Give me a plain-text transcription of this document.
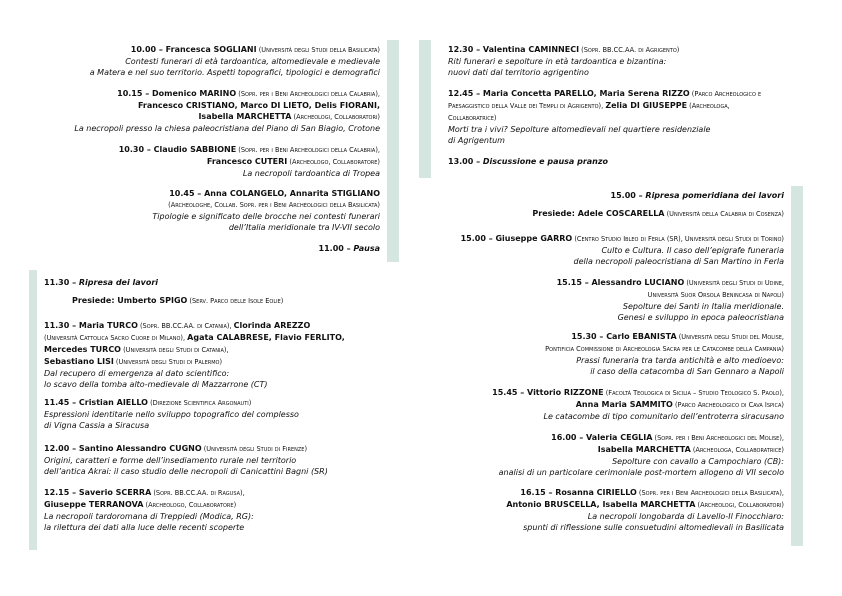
10.00 – Francesca SOGLIANI (Università degli Studi della Basilicata)
Contesti funerari di età tardoantica, altomedievale e medievale
a Matera e nel suo territorio. Aspetti topografici, tipologici e demografici
10.15 – Domenico MARINO (Sopr. per i Beni Archeologici della Calabria),
Francesco CRISTIANO, Marco DI LIETO, Delis FIORANI,
Isabella MARCHETTA (Archeologi, Collaboratori)
La necropoli presso la chiesa paleocristiana del Piano di San Biagio, Crotone
10.30 – Claudio SABBIONE (Sopr. per i Beni Archeologici della Calabria),
Francesco CUTERI (Archeologo, Collaboratore)
La necropoli tardoantica di Tropea
10.45 – Anna COLANGELO, Annarita STIGLIANO
(Archeologhe, Collab. Sopr. per i Beni Archeologici della Basilicata)
Tipologie e significato delle brocche nei contesti funerari
dell’Italia meridionale tra IV-VII secolo
11.00 – Pausa
11.30 – Ripresa dei lavori
Presiede: Umberto SPIGO (Serv. Parco delle Isole Eolie)
11.30 – Maria TURCO (Sopr. BB.CC.AA. di Catania), Clorinda AREZZO
(Università Cattolica Sacro Cuore di Milano), Agata CALABRESE, Flavio FERLITO,
Mercedes TURCO (Università degli Studi di Catania),
Sebastiano LISI (Università degli Studi di Palermo)
Dal recupero di emergenza al dato scientifico:
lo scavo della tomba alto-medievale di Mazzarrone (CT)
11.45 – Cristian AIELLO (Direzione Scientifica Argonauti)
Espressioni identitarie nello sviluppo topografico del complesso
di Vigna Cassia a Siracusa
12.00 – Santino Alessandro CUGNO (Università degli Studi di Firenze)
Origini, caratteri e forme dell’insediamento rurale nel territorio
dell’antica Akrai: il caso studio delle necropoli di Canicattini Bagni (SR)
12.15 – Saverio SCERRA (Sopr. BB.CC.AA. di Ragusa),
Giuseppe TERRANOVA (Archeologo, Collaboratore)
La necropoli tardoromana di Treppiedi (Modica, RG):
la rilettura dei dati alla luce delle recenti scoperte
12.30 – Valentina CAMINNECI (Sopr. BB.CC.AA. di Agrigento)
Riti funerari e sepolture in età tardoantica e bizantina:
nuovi dati dal territorio agrigentino
12.45 – Maria Concetta PARELLO, Maria Serena RIZZO (Parco Archeologico e
Paesaggistico della Valle dei Templi di Agrigento), Zelia DI GIUSEPPE (Archeologa,
Collaboratrice)
Morti tra i vivi? Sepolture altomedievali nel quartiere residenziale
di Agrigentum
13.00 – Discussione e pausa pranzo
15.00 – Ripresa pomeridiana dei lavori
Presiede: Adele COSCARELLA (Università della Calabria di Cosenza)
15.00 – Giuseppe GARRO (Centro Studio Ibleo di Ferla (SR), Università degli Studi di Torino)
Culto e Cultura. Il caso dell’epigrafe funeraria
della necropoli paleocristiana di San Martino in Ferla
15.15 – Alessandro LUCIANO (Università degli Studi di Udine,
Università Suor Orsola Benincasa di Napoli)
Sepolture dei Santi in Italia meridionale.
Genesi e sviluppo in epoca paleocristiana
15.30 – Carlo EBANISTA (Università degli Studi del Molise,
Pontificia Commissione di Archeologia Sacra per le Catacombe della Campania)
Prassi funeraria tra tarda antichità e alto medioevo:
il caso della catacomba di San Gennaro a Napoli
15.45 – Vittorio RIZZONE (Facoltà Teologica di Sicilia – Studio Teologico S. Paolo),
Anna Maria SAMMITO (Parco Archeologico di Cava Ispica)
Le catacombe di tipo comunitario dell’entroterra siracusano
16.00 – Valeria CEGLIA (Sopr. per i Beni Archeologici del Molise),
Isabella MARCHETTA (Archeologa, Collaboratrice)
Sepolture con cavallo a Campochiaro (CB):
analisi di un particolare cerimoniale post-mortem allogeno di VII secolo
16.15 – Rosanna CIRIELLO (Sopr. per i Beni Archeologici della Basilicata),
Antonio BRUSCELLA, Isabella MARCHETTA (Archeologi, Collaboratori)
La necropoli longobarda di Lavello-Il Finocchiaro:
spunti di riflessione sulle consuetudini altomedievali in Basilicata
